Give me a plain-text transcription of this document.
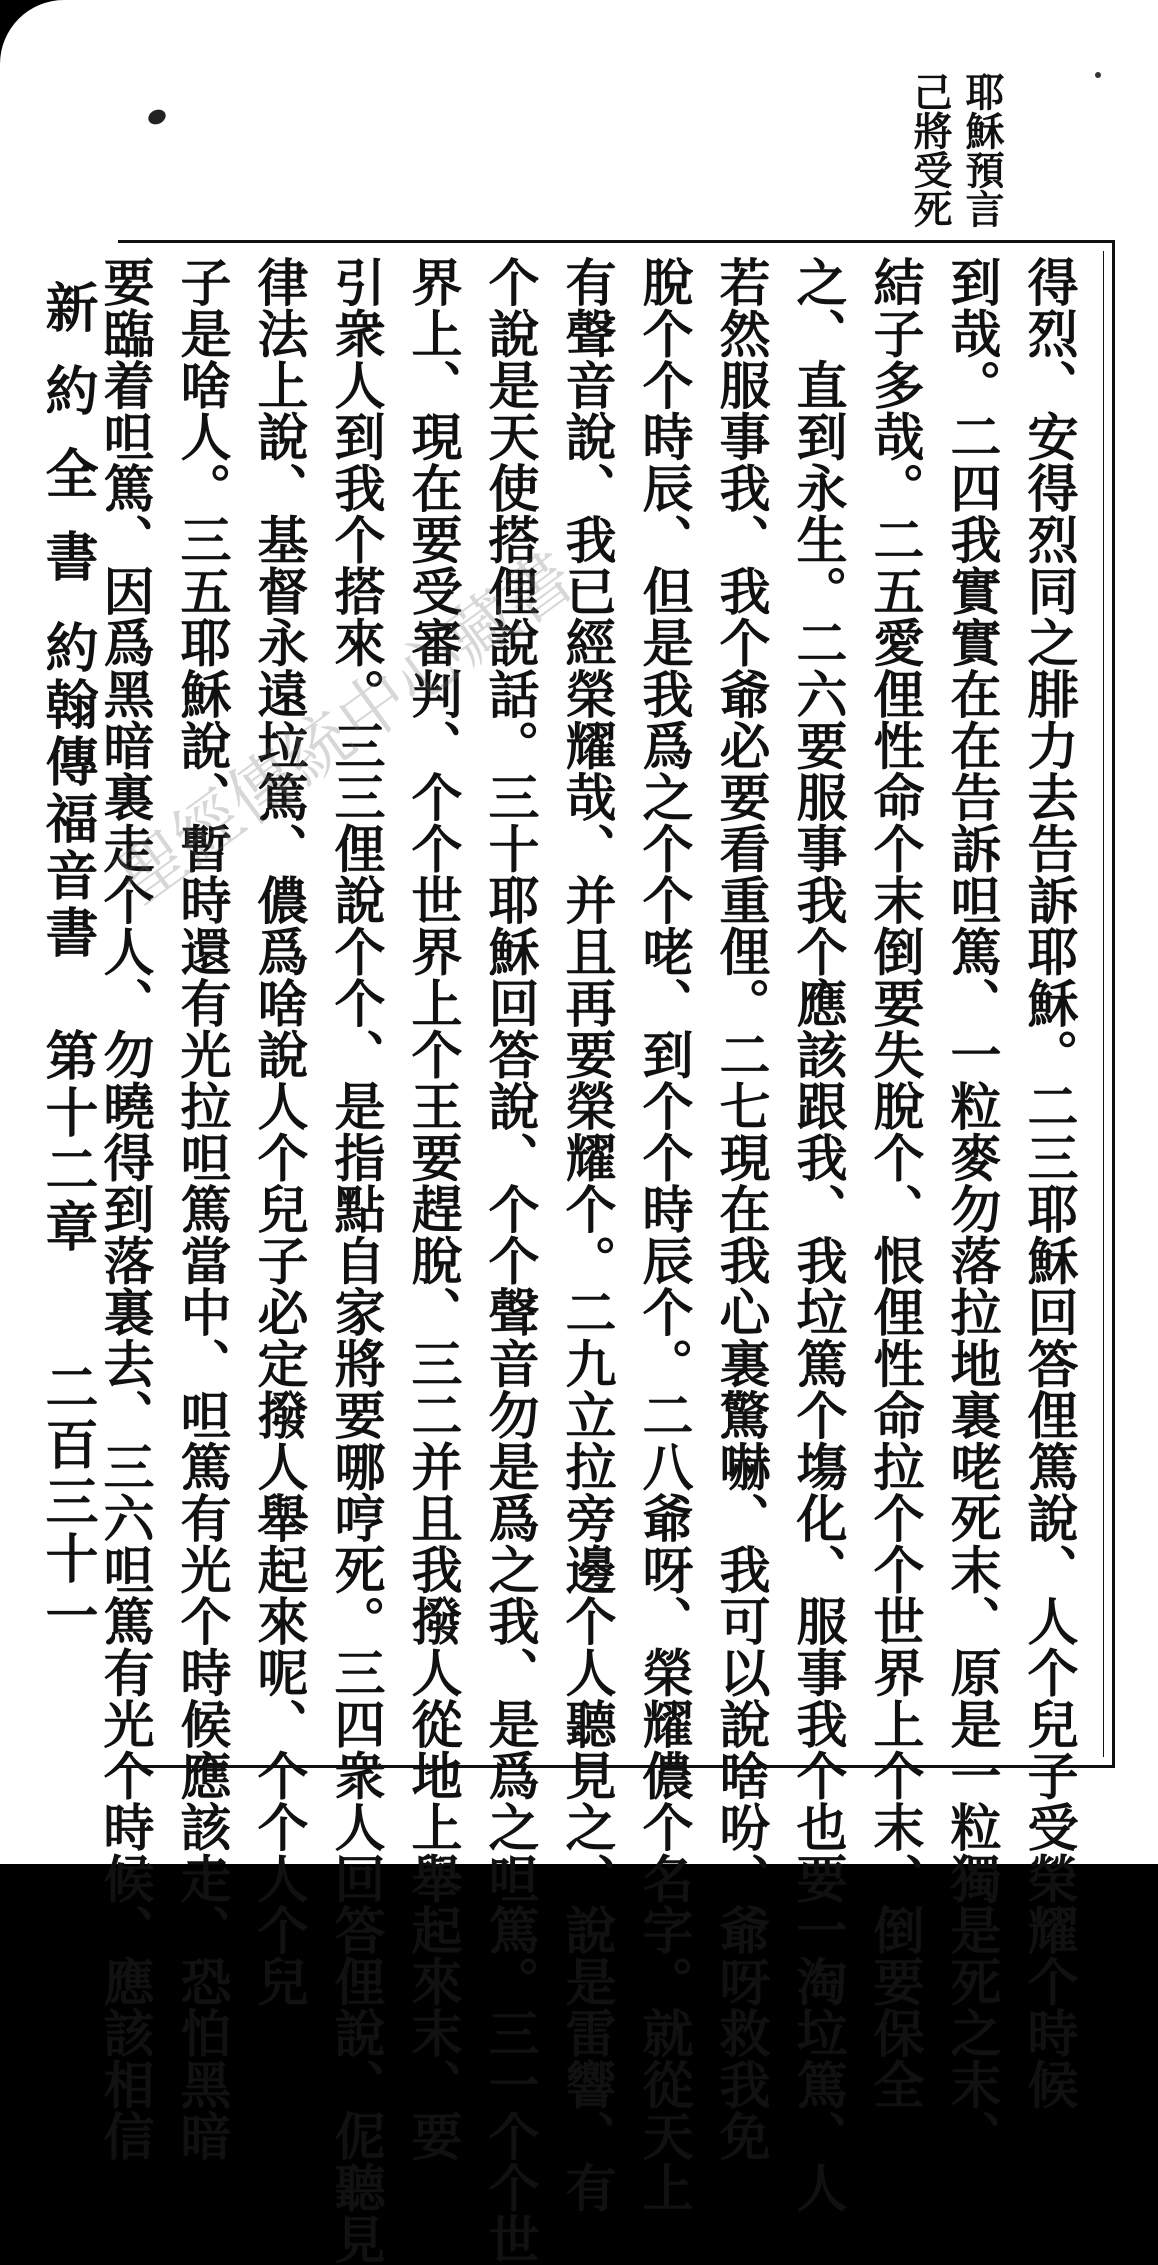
耶穌預言
己將受死
得烈、安得烈同之腓力去告訴耶穌。二三耶穌回答俚篤說、人个兒子受榮耀个時候
到哉。二四我實實在在告訴呾篤、一粒麥勿落拉地裏咾死末、原是一粒獨是死之末、
結子多哉。二五愛俚性命个末倒要失脫个、恨俚性命拉个个世界上个末、倒要保全
之、直到永生。二六要服事我个應該跟我、我垃篤个塲化、服事我个也要一淘垃篤、人
若然服事我、我个爺必要看重俚。二七現在我心裏驚嚇、我可以說啥吩、爺呀救我免
脫个个時辰、但是我爲之个个咾、到个个時辰个。二八爺呀、榮耀儂个名字。就從天上
有聲音說、我已經榮耀哉、并且再要榮耀个。二九立拉旁邊个人聽見之、說是雷響、有
个說是天使搭俚說話。三十耶穌回答說、个个聲音勿是爲之我、是爲之呾篤。三一个个世
界上、現在要受審判、个个世界上个王要趕脫、三二并且我撥人從地上舉起來末、要
引衆人到我个搭來。三三俚說个个、是指點自家將要哪哼死。三四衆人回答俚說、伲聽見
律法上說、基督永遠垃篤、儂爲啥說人个兒子必定撥人舉起來呢、个个人个兒
子是啥人。三五耶穌說、暫時還有光拉呾篤當中、呾篤有光个時候應該走、恐怕黑暗
要臨着呾篤、因爲黑暗裏走个人、勿曉得到落裏去、三六呾篤有光个時候、應該相信
新約全書
約翰傳福音書
第十二章
二百三十一
聖經傳統中心藏書
